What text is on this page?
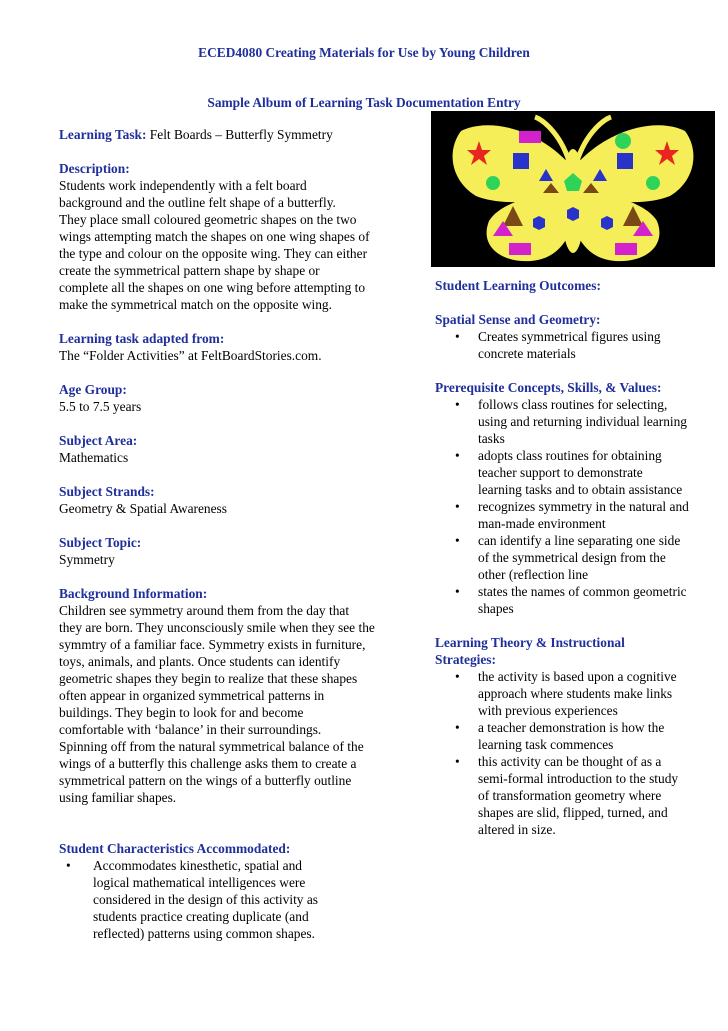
ECED4080 Creating Materials for Use by Young Children
Sample Album of Learning Task Documentation Entry

Learning Task: Felt Boards – Butterfly Symmetry

Description:
Students work independently with a felt board
background and the outline felt shape of a butterfly.
They place small coloured geometric shapes on the two
wings attempting match the shapes on one wing shapes of
the type and colour on the opposite wing. They can either
create the symmetrical pattern shape by shape or
complete all the shapes on one wing before attempting to
make the symmetrical match on the opposite wing.
Learning task adapted from:
The “Folder Activities” at FeltBoardStories.com.
Age Group:
5.5 to 7.5 years
Subject Area:
Mathematics
Subject Strands:
Geometry & Spatial Awareness
Subject Topic:
Symmetry
Background Information:
Children see symmetry around them from the day that
they are born. They unconsciously smile when they see the
symmtry of a familiar face. Symmetry exists in furniture,
toys, animals, and plants. Once students can identify
geometric shapes they begin to realize that these shapes
often appear in organized symmetrical patterns in
buildings. They begin to look for and become
comfortable with ‘balance’ in their surroundings.
Spinning off from the natural symmetrical balance of the
wings of a butterfly this challenge asks them to create a
symmetrical pattern on the wings of a butterfly outline
using familiar shapes.
Student Characteristics Accommodated:
• Accommodates kinesthetic, spatial and
logical mathematical intelligences were
considered in the design of this activity as
students practice creating duplicate (and
reflected) patterns using common shapes.
Student Learning Outcomes:
Spatial Sense and Geometry:
• Creates symmetrical figures using
concrete materials
Prerequisite Concepts, Skills, & Values:
• follows class routines for selecting,
using and returning individual learning
tasks
• adopts class routines for obtaining
teacher support to demonstrate
learning tasks and to obtain assistance
• recognizes symmetry in the natural and
man-made environment
• can identify a line separating one side
of the symmetrical design from the
other (reflection line
• states the names of common geometric
shapes
Learning Theory & Instructional
Strategies:
• the activity is based upon a cognitive
approach where students make links
with previous experiences
• a teacher demonstration is how the
learning task commences
• this activity can be thought of as a
semi-formal introduction to the study
of transformation geometry where
shapes are slid, flipped, turned, and
altered in size.
